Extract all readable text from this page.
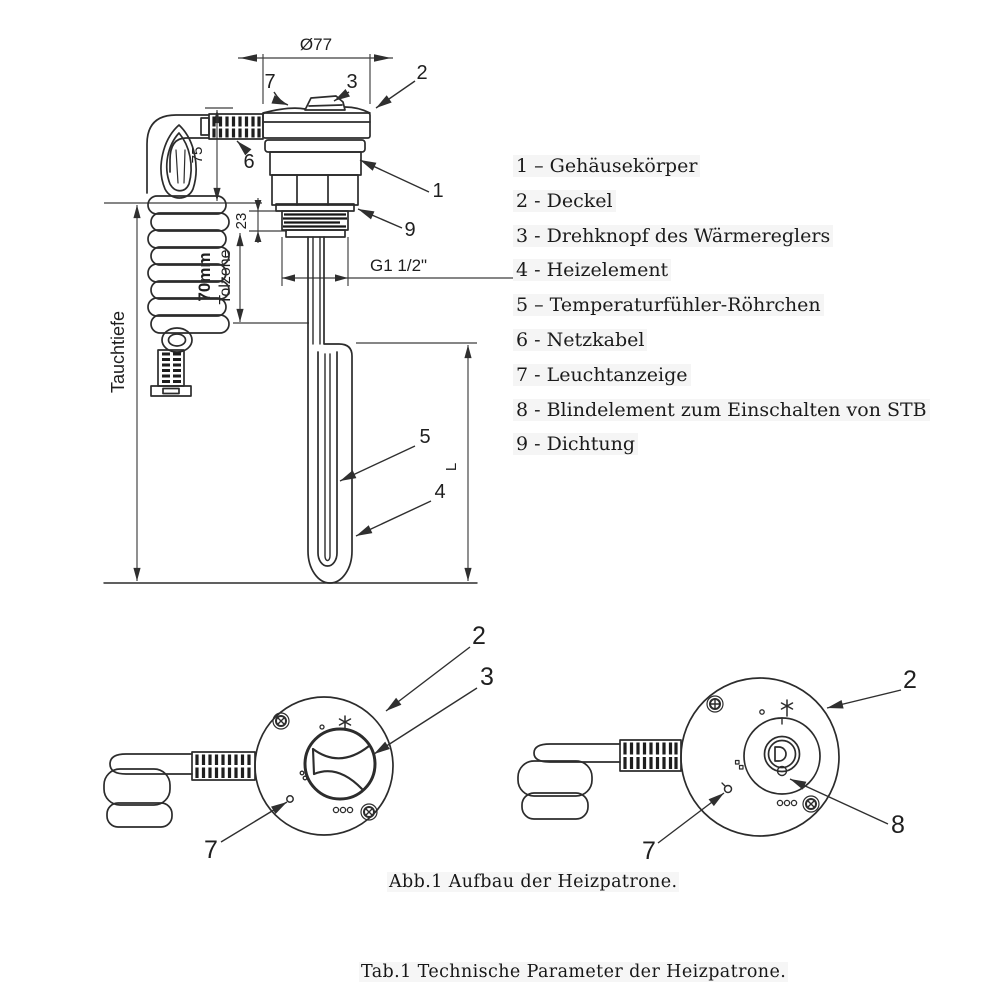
Ø77
75
Tauchtiefe
23
70mm Tolzone	G1 1/2"
L
7	3	2
6
1
9
5
4
2
3
7
2
8
7
1 – Gehäusekörper
2 - Deckel
3 - Drehknopf des Wärmereglers
4 - Heizelement
5 – Temperaturfühler-Röhrchen
6 - Netzkabel
7 - Leuchtanzeige
8 - Blindelement zum Einschalten von STB
9 - Dichtung
Abb.1 Aufbau der Heizpatrone.
Tab.1 Technische Parameter der Heizpatrone.
